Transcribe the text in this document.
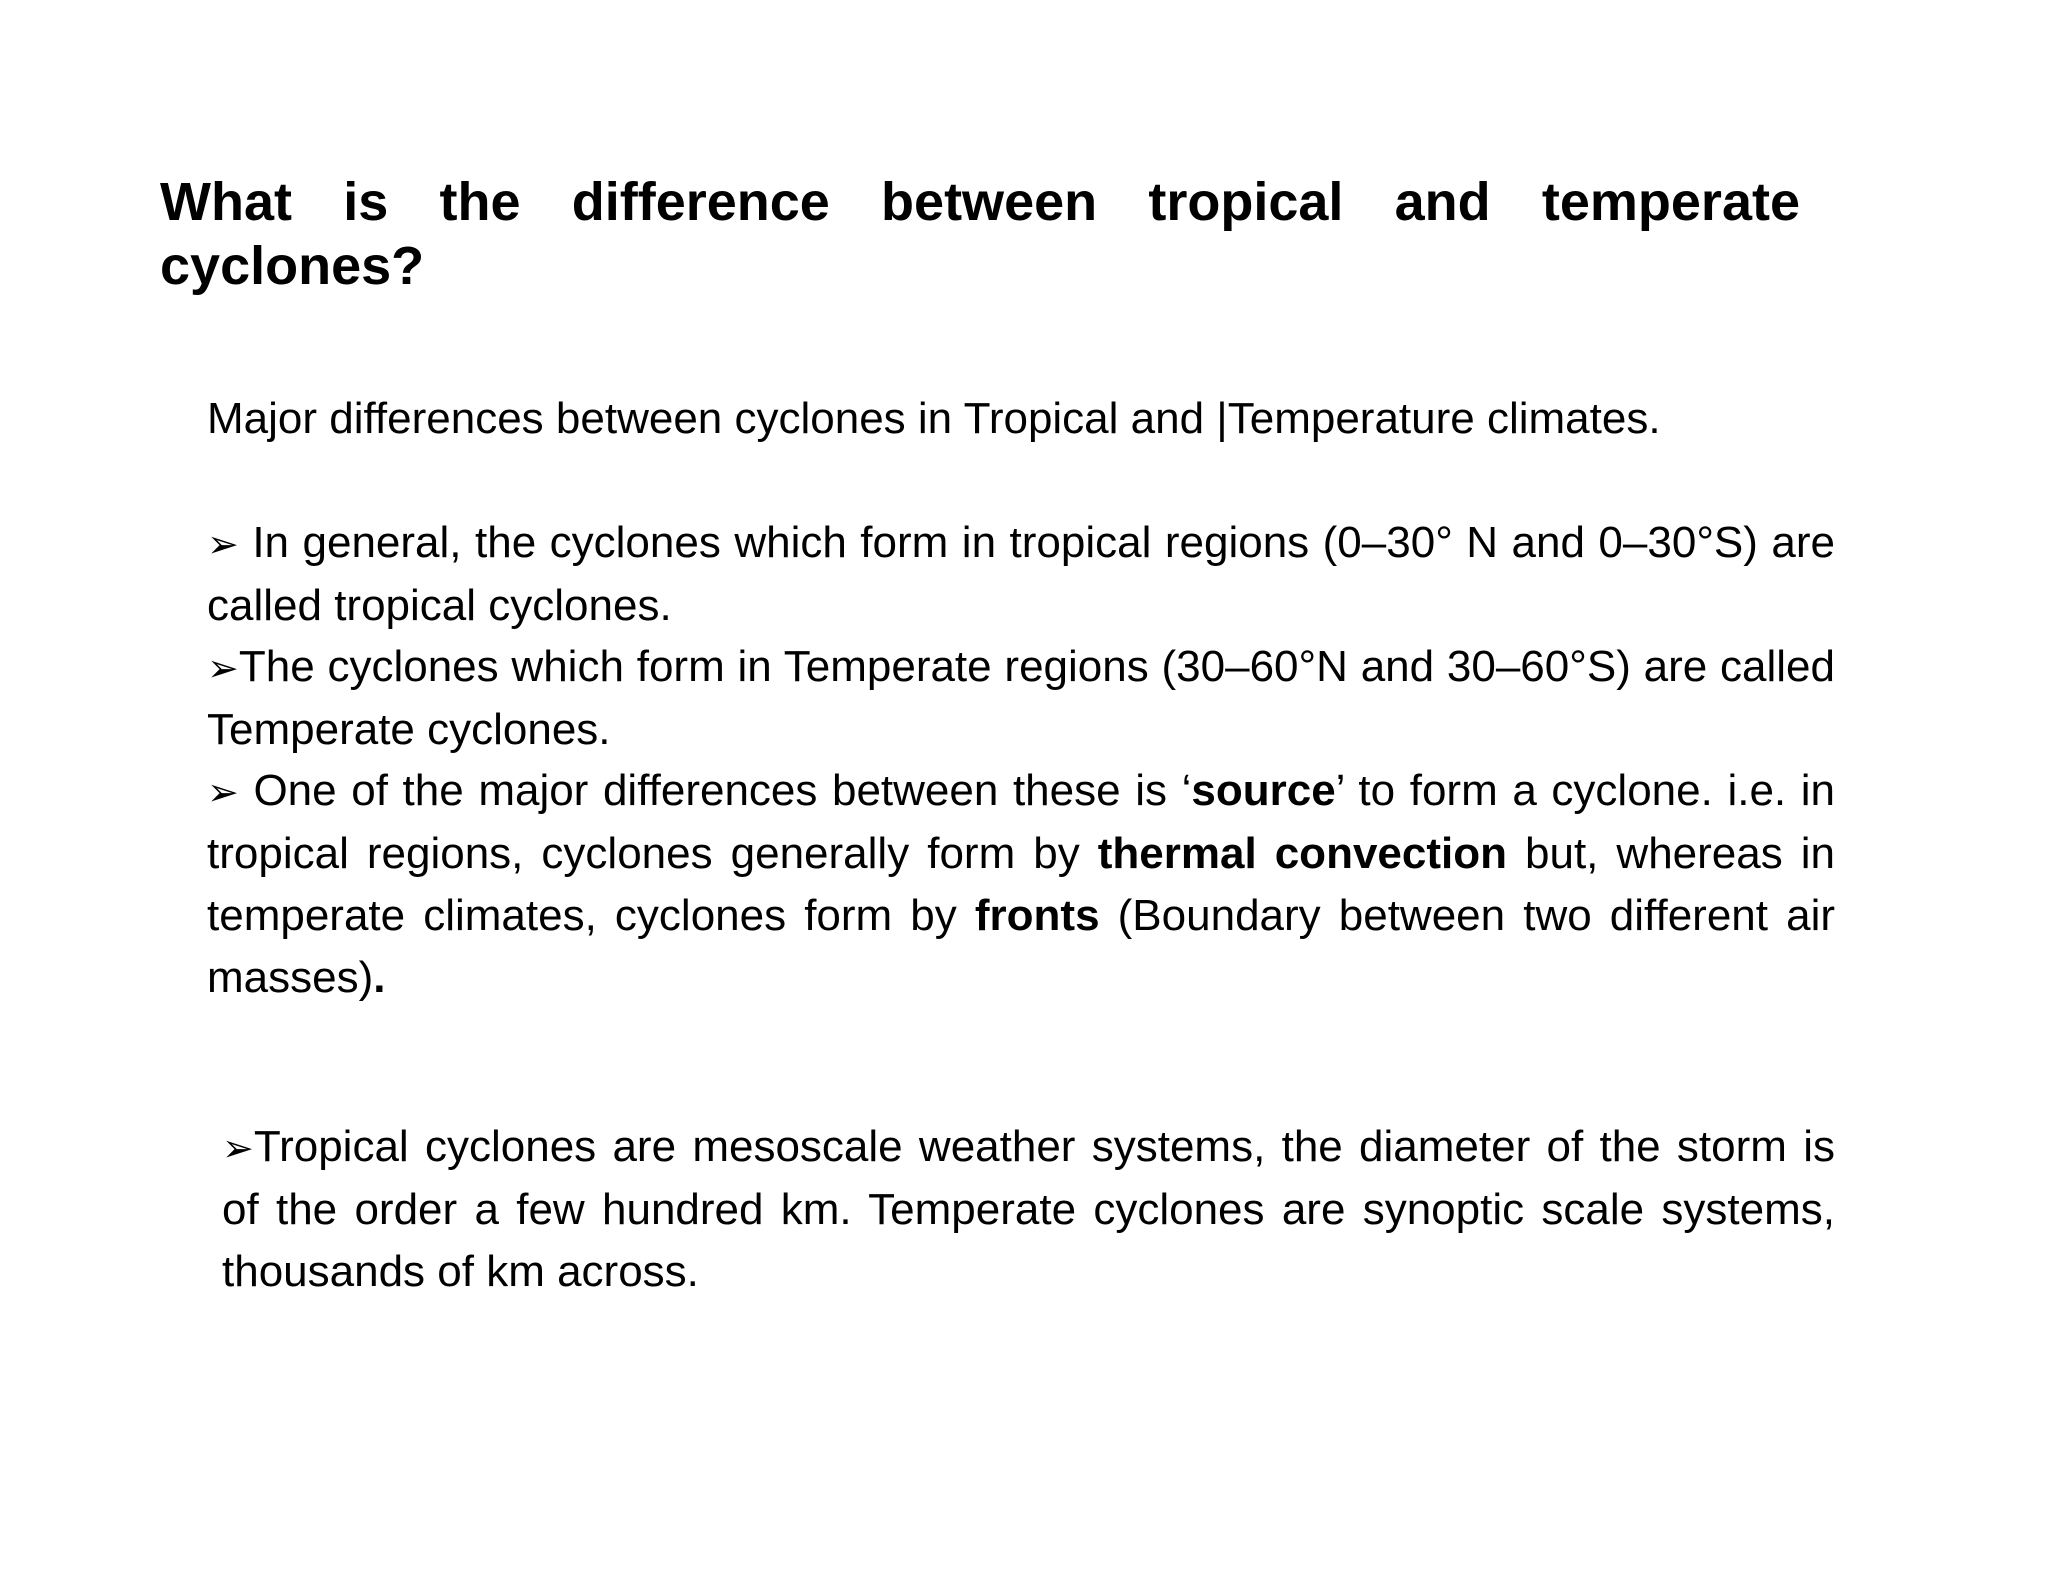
What is the difference between tropical and temperate cyclones?
Major differences between cyclones in Tropical and |Temperature climates.

➢ In general, the cyclones which form in tropical regions (0–30° N and 0–30°S) are called tropical cyclones.

➢The cyclones which form in Temperate regions (30–60°N and 30–60°S) are called Temperate cyclones.

➢ One of the major differences between these is ‘source’ to form a cyclone. i.e. in tropical regions, cyclones generally form by thermal convection but, whereas in temperate climates, cyclones form by fronts (Boundary between two different air masses).

➢Tropical cyclones are mesoscale weather systems, the diameter of the storm is of the order a few hundred km. Temperate cyclones are synoptic scale systems, thousands of km across.
